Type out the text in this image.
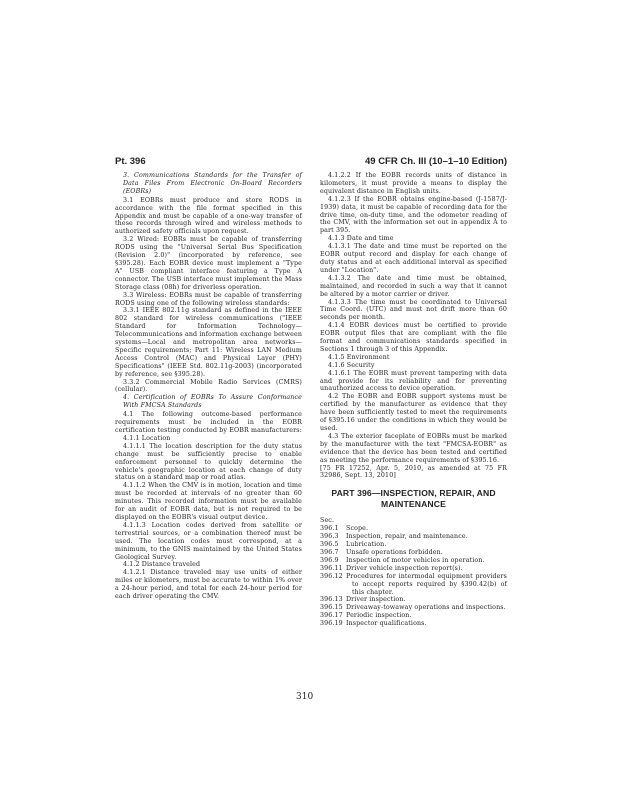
Pt. 396	49 CFR Ch. III (10–1–10 Edition)

3. Communications Standards for the Transfer of Data Files From Electronic On-Board Recorders (EOBRs)

3.1 EOBRs must produce and store RODS in accordance with the file format specified in this Appendix and must be capable of a one-way transfer of these records through wired and wireless methods to authorized safety officials upon request.

3.2 Wired: EOBRs must be capable of transferring RODS using the "Universal Serial Bus Specification (Revision 2.0)" (incorporated by reference, see §395.28). Each EOBR device must implement a "Type A" USB compliant interface featuring a Type A connector. The USB interface must implement the Mass Storage class (08h) for driverless operation.

3.3 Wireless: EOBRs must be capable of transferring RODS using one of the following wireless standards:

3.3.1 IEEE 802.11g standard as defined in the IEEE 802 standard for wireless communications ("IEEE Standard for Information Technology—Telecommunications and information exchange between systems—Local and metropolitan area networks—Specific requirements; Part 11: Wireless LAN Medium Access Control (MAC) and Physical Layer (PHY) Specifications" (IEEE Std. 802.11g-2003) (incorporated by reference, see §395.28).

3.3.2 Commercial Mobile Radio Services (CMRS) (cellular).

4. Certification of EOBRs To Assure Conformance With FMCSA Standards

4.1 The following outcome-based performance requirements must be included in the EOBR certification testing conducted by EOBR manufacturers:

4.1.1 Location

4.1.1.1 The location description for the duty status change must be sufficiently precise to enable enforcement personnel to quickly determine the vehicle's geographic location at each change of duty status on a standard map or road atlas.

4.1.1.2 When the CMV is in motion, location and time must be recorded at intervals of no greater than 60 minutes. This recorded information must be available for an audit of EOBR data, but is not required to be displayed on the EOBR's visual output device.

4.1.1.3 Location codes derived from satellite or terrestrial sources, or a combination thereof must be used. The location codes must correspond, at a minimum, to the GNIS maintained by the United States Geological Survey.

4.1.2 Distance traveled

4.1.2.1 Distance traveled may use units of either miles or kilometers, must be accurate to within 1% over a 24-hour period, and total for each 24-hour period for each driver operating the CMV.

4.1.2.2 If the EOBR records units of distance in kilometers, it must provide a means to display the equivalent distance in English units.

4.1.2.3 If the EOBR obtains engine-based (J-1587/J-1939) data, it must be capable of recording data for the drive time, on-duty time, and the odometer reading of the CMV, with the information set out in appendix A to part 395.

4.1.3 Date and time

4.1.3.1 The date and time must be reported on the EOBR output record and display for each change of duty status and at each additional interval as specified under "Location".

4.1.3.2 The date and time must be obtained, maintained, and recorded in such a way that it cannot be altered by a motor carrier or driver.

4.1.3.3 The time must be coordinated to Universal Time Coord. (UTC) and must not drift more than 60 seconds per month.

4.1.4 EOBR devices must be certified to provide EOBR output files that are compliant with the file format and communications standards specified in Sections 1 through 3 of this Appendix.

4.1.5 Environment

4.1.6 Security

4.1.6.1 The EOBR must prevent tampering with data and provide for its reliability and for preventing unauthorized access to device operation.

4.2 The EOBR and EOBR support systems must be certified by the manufacturer as evidence that they have been sufficiently tested to meet the requirements of §395.16 under the conditions in which they would be used.

4.3 The exterior faceplate of EOBRs must be marked by the manufacturer with the text "FMCSA-EOBR" as evidence that the device has been tested and certified as meeting the performance requirements of §395.16.

[75 FR 17252, Apr. 5, 2010, as amended at 75 FR 32986, Sept. 13, 2010]

PART 396—INSPECTION, REPAIR, AND MAINTENANCE
Sec.
396.1	Scope.
396.3	Inspection, repair, and maintenance.
396.5	Lubrication.
396.7	Unsafe operations forbidden.
396.9	Inspection of motor vehicles in operation.
396.11 Driver vehicle inspection report(s).
396.12 Procedures for intermodal equipment providers to accept reports required by §390.42(b) of this chapter.
396.13 Driver inspection.
396.15 Driveaway-towaway operations and inspections.
396.17 Periodic inspection.
396.19 Inspector qualifications.
310
